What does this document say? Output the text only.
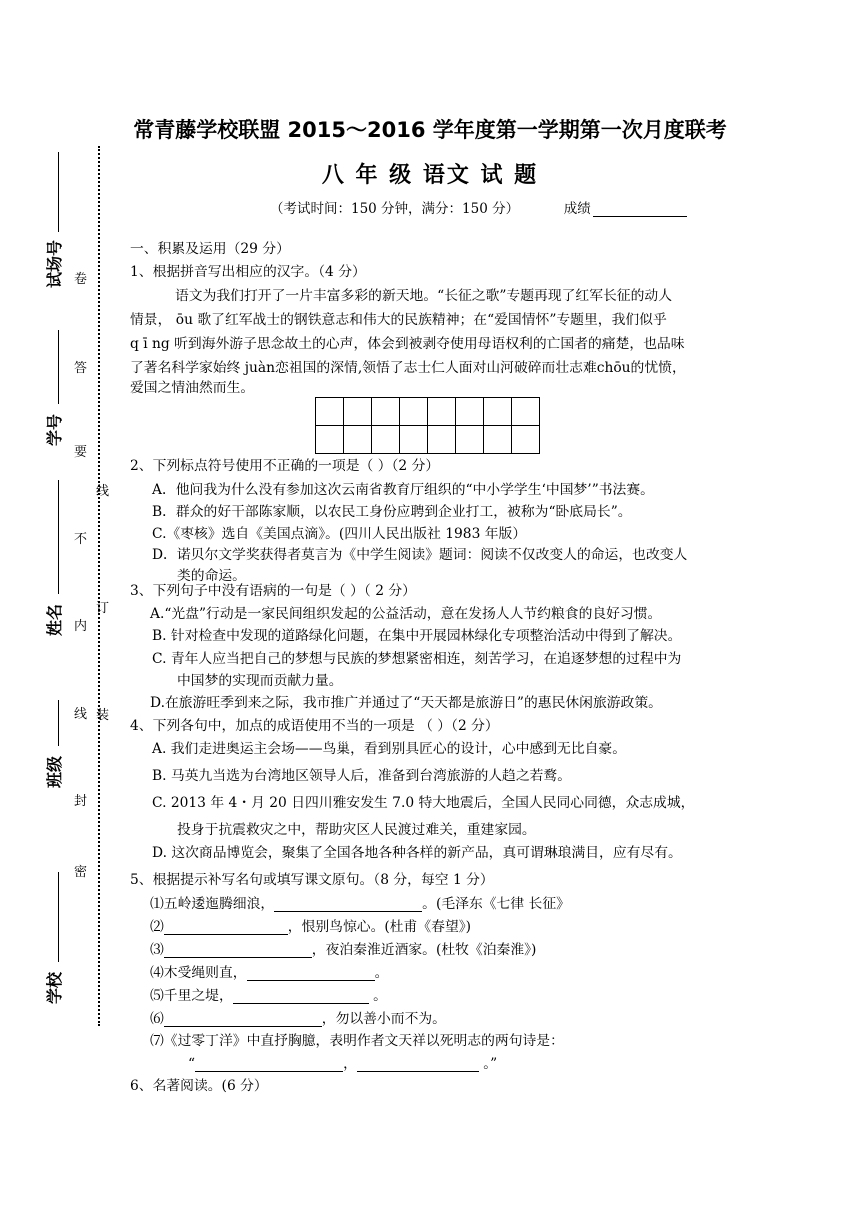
常青藤学校联盟 2015～2016 学年度第一学期第一次月度联考
八 年 级 语文 试 题
（考试时间：150 分钟，满分：150 分）	成绩
试场号
学号
姓名
班级
学校
卷
答
要
不
内
线
封
密
线
订
装
一、积累及运用（29 分）
1、根据拼音写出相应的汉字。（4 分）
语文为我们打开了一片丰富多彩的新天地。“长征之歌”专题再现了红军长征的动人
情景， ōu 歌了红军战士的钢铁意志和伟大的民族精神；在“爱国情怀”专题里，我们似乎
q ī ng 听到海外游子思念故土的心声，体会到被剥夺使用母语权利的亡国者的痛楚，也品味
了著名科学家始终 juàn恋祖国的深情,领悟了志士仁人面对山河破碎而壮志难chōu的忧愤，
爱国之情油然而生。

2、下列标点符号使用不正确的一项是（ ）（2 分）
A．他问我为什么没有参加这次云南省教育厅组织的“中小学学生‘中国梦’”书法赛。
B．群众的好干部陈家顺，以农民工身份应聘到企业打工，被称为“卧底局长”。
C.《枣核》选自《美国点滴》。(四川人民出版社 1983 年版）
D．诺贝尔文学奖获得者莫言为《中学生阅读》题词：阅读不仅改变人的命运，也改变人
类的命运。
3、下列句子中没有语病的一句是（ ）（ 2 分）
A.“光盘”行动是一家民间组织发起的公益活动，意在发扬人人节约粮食的良好习惯。
B. 针对检查中发现的道路绿化问题，在集中开展园林绿化专项整治活动中得到了解决。
C. 青年人应当把自己的梦想与民族的梦想紧密相连，刻苦学习，在追逐梦想的过程中为
中国梦的实现而贡献力量。
D.在旅游旺季到来之际，我市推广并通过了“天天都是旅游日”的惠民休闲旅游政策。
4、下列各句中，加点的成语使用不当的一项是 （ ）（2 分）
A. 我们走进奥运主会场——鸟巢，看到别具匠心的设计，心中感到无比自豪。
B. 马英九当选为台湾地区领导人后，准备到台湾旅游的人趋之若鹜。
C. 2013 年 4・月 20 日四川雅安发生 7.0 特大地震后，全国人民同心同德，众志成城，
投身于抗震救灾之中，帮助灾区人民渡过难关，重建家园。
D. 这次商品博览会，聚集了全国各地各种各样的新产品，真可谓琳琅满目，应有尽有。
5、根据提示补写名句或填写课文原句。（8 分，每空 1 分）
⑴五岭逶迤腾细浪，	。(毛泽东《七律 长征》
⑵	，恨别鸟惊心。(杜甫《春望》)
⑶	，夜泊秦淮近酒家。(杜牧《泊秦淮》)
⑷木受绳则直，	。
⑸千里之堤，	。
⑹	，勿以善小而不为。
⑺《过零丁洋》中直抒胸臆，表明作者文天祥以死明志的两句诗是：
“	，	。”
6、名著阅读。(6 分）
